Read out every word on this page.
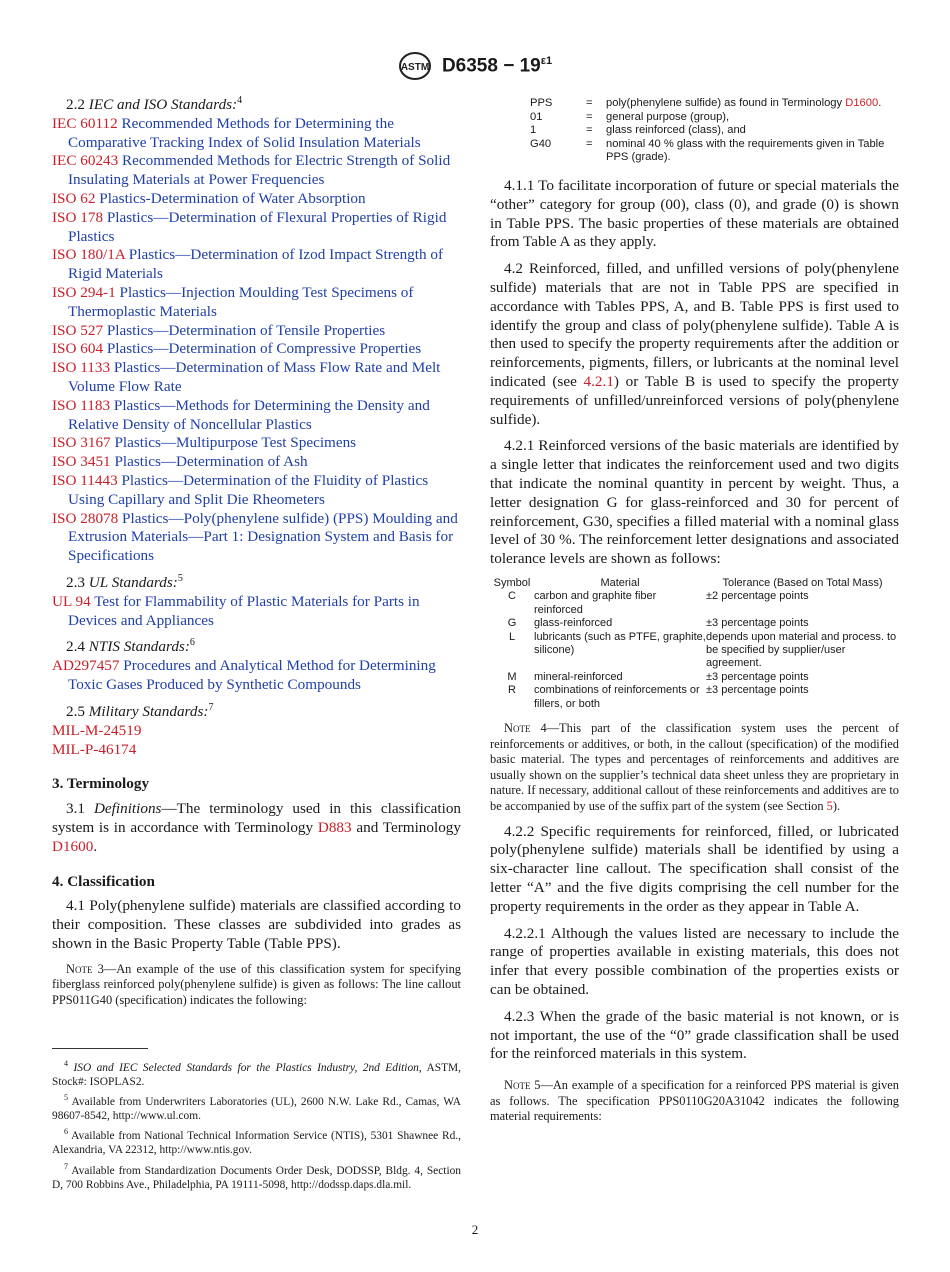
ASTM $D6358 - 19^{\varepsilon 1}$

2.2 IEC and ISO Standards:$^4$

IEC 60112 Recommended Methods for Determining the Comparative Tracking Index of Solid Insulation Materials

IEC 60243 Recommended Methods for Electric Strength of Solid Insulating Materials at Power Frequencies

ISO 62 Plastics-Determination of Water Absorption

ISO 178 Plastics—Determination of Flexural Properties of Rigid Plastics

ISO 180/1A Plastics—Determination of Izod Impact Strength of Rigid Materials

ISO 294-1 Plastics—Injection Moulding Test Specimens of Thermoplastic Materials

ISO 527 Plastics—Determination of Tensile Properties

ISO 604 Plastics—Determination of Compressive Properties

ISO 1133 Plastics—Determination of Mass Flow Rate and Melt Volume Flow Rate

ISO 1183 Plastics—Methods for Determining the Density and Relative Density of Noncellular Plastics

ISO 3167 Plastics—Multipurpose Test Specimens

ISO 3451 Plastics—Determination of Ash

ISO 11443 Plastics—Determination of the Fluidity of Plastics Using Capillary and Split Die Rheometers

ISO 28078 Plastics—Poly(phenylene sulfide) (PPS) Moulding and Extrusion Materials—Part 1: Designation System and Basis for Specifications

2.3 UL Standards:$^5$

UL 94 Test for Flammability of Plastic Materials for Parts in Devices and Appliances

2.4 NTIS Standards:$^6$

AD297457 Procedures and Analytical Method for Determining Toxic Gases Produced by Synthetic Compounds

2.5 Military Standards:$^7$

MIL-M-24519

MIL-P-46174

3. Terminology

3.1 Definitions—The terminology used in this classification system is in accordance with Terminology D883 and Terminology D1600.

4. Classification

4.1 Poly(phenylene sulfide) materials are classified according to their composition. These classes are subdivided into grades as shown in the Basic Property Table (Table PPS).

Note 3—An example of the use of this classification system for specifying fiberglass reinforced poly(phenylene sulfide) is given as follows: The line callout PPS011G40 (specification) indicates the following:

$^4$ ISO and IEC Selected Standards for the Plastics Industry, 2nd Edition, ASTM, Stock#: ISOPLAS2.

$^5$ Available from Underwriters Laboratories (UL), 2600 N.W. Lake Rd., Camas, WA 98607-8542, http://www.ul.com.

$^6$ Available from National Technical Information Service (NTIS), 5301 Shawnee Rd., Alexandria, VA 22312, http://www.ntis.gov.

$^7$ Available from Standardization Documents Order Desk, DODSSP, Bldg. 4, Section D, 700 Robbins Ave., Philadelphia, PA 19111-5098, http://dodssp.daps.dla.mil.

PPS	=	poly(phenylene sulfide) as found in Terminology D1600.
01	=	general purpose (group),
1	=	glass reinforced (class), and
G40	=	nominal 40 % glass with the requirements given in Table PPS (grade).

4.1.1 To facilitate incorporation of future or special materials the “other” category for group (00), class (0), and grade (0) is shown in Table PPS. The basic properties of these materials are obtained from Table A as they apply.

4.2 Reinforced, filled, and unfilled versions of poly(phenylene sulfide) materials that are not in Table PPS are specified in accordance with Tables PPS, A, and B. Table PPS is first used to identify the group and class of poly(phenylene sulfide). Table A is then used to specify the property requirements after the addition or reinforcements, pigments, fillers, or lubricants at the nominal level indicated (see 4.2.1) or Table B is used to specify the property requirements of unfilled/unreinforced versions of poly(phenylene sulfide).

4.2.1 Reinforced versions of the basic materials are identified by a single letter that indicates the reinforcement used and two digits that indicate the nominal quantity in percent by weight. Thus, a letter designation G for glass-reinforced and 30 for percent of reinforcement, G30, specifies a filled material with a nominal glass level of 30 %. The reinforcement letter designations and associated tolerance levels are shown as follows:

Symbol	Material	Tolerance (Based on Total Mass)
C	carbon and graphite fiber reinforced	±2 percentage points
G	glass-reinforced	±3 percentage points
L	lubricants (such as PTFE, graphite, silicone)	depends upon material and process. to be specified by supplier/user agreement.
M	mineral-reinforced	±3 percentage points
R	combinations of reinforcements or fillers, or both	±3 percentage points

Note 4—This part of the classification system uses the percent of reinforcements or additives, or both, in the callout (specification) of the modified basic material. The types and percentages of reinforcements and additives are usually shown on the supplier’s technical data sheet unless they are proprietary in nature. If necessary, additional callout of these reinforcements and additives are to be accompanied by use of the suffix part of the system (see Section 5).

4.2.2 Specific requirements for reinforced, filled, or lubricated poly(phenylene sulfide) materials shall be identified by using a six-character line callout. The specification shall consist of the letter “A” and the five digits comprising the cell number for the property requirements in the order as they appear in Table A.

4.2.2.1 Although the values listed are necessary to include the range of properties available in existing materials, this does not infer that every possible combination of the properties exists or can be obtained.

4.2.3 When the grade of the basic material is not known, or is not important, the use of the “0” grade classification shall be used for the reinforced materials in this system.

Note 5—An example of a specification for a reinforced PPS material is given as follows. The specification PPS0110G20A31042 indicates the following material requirements:

2
